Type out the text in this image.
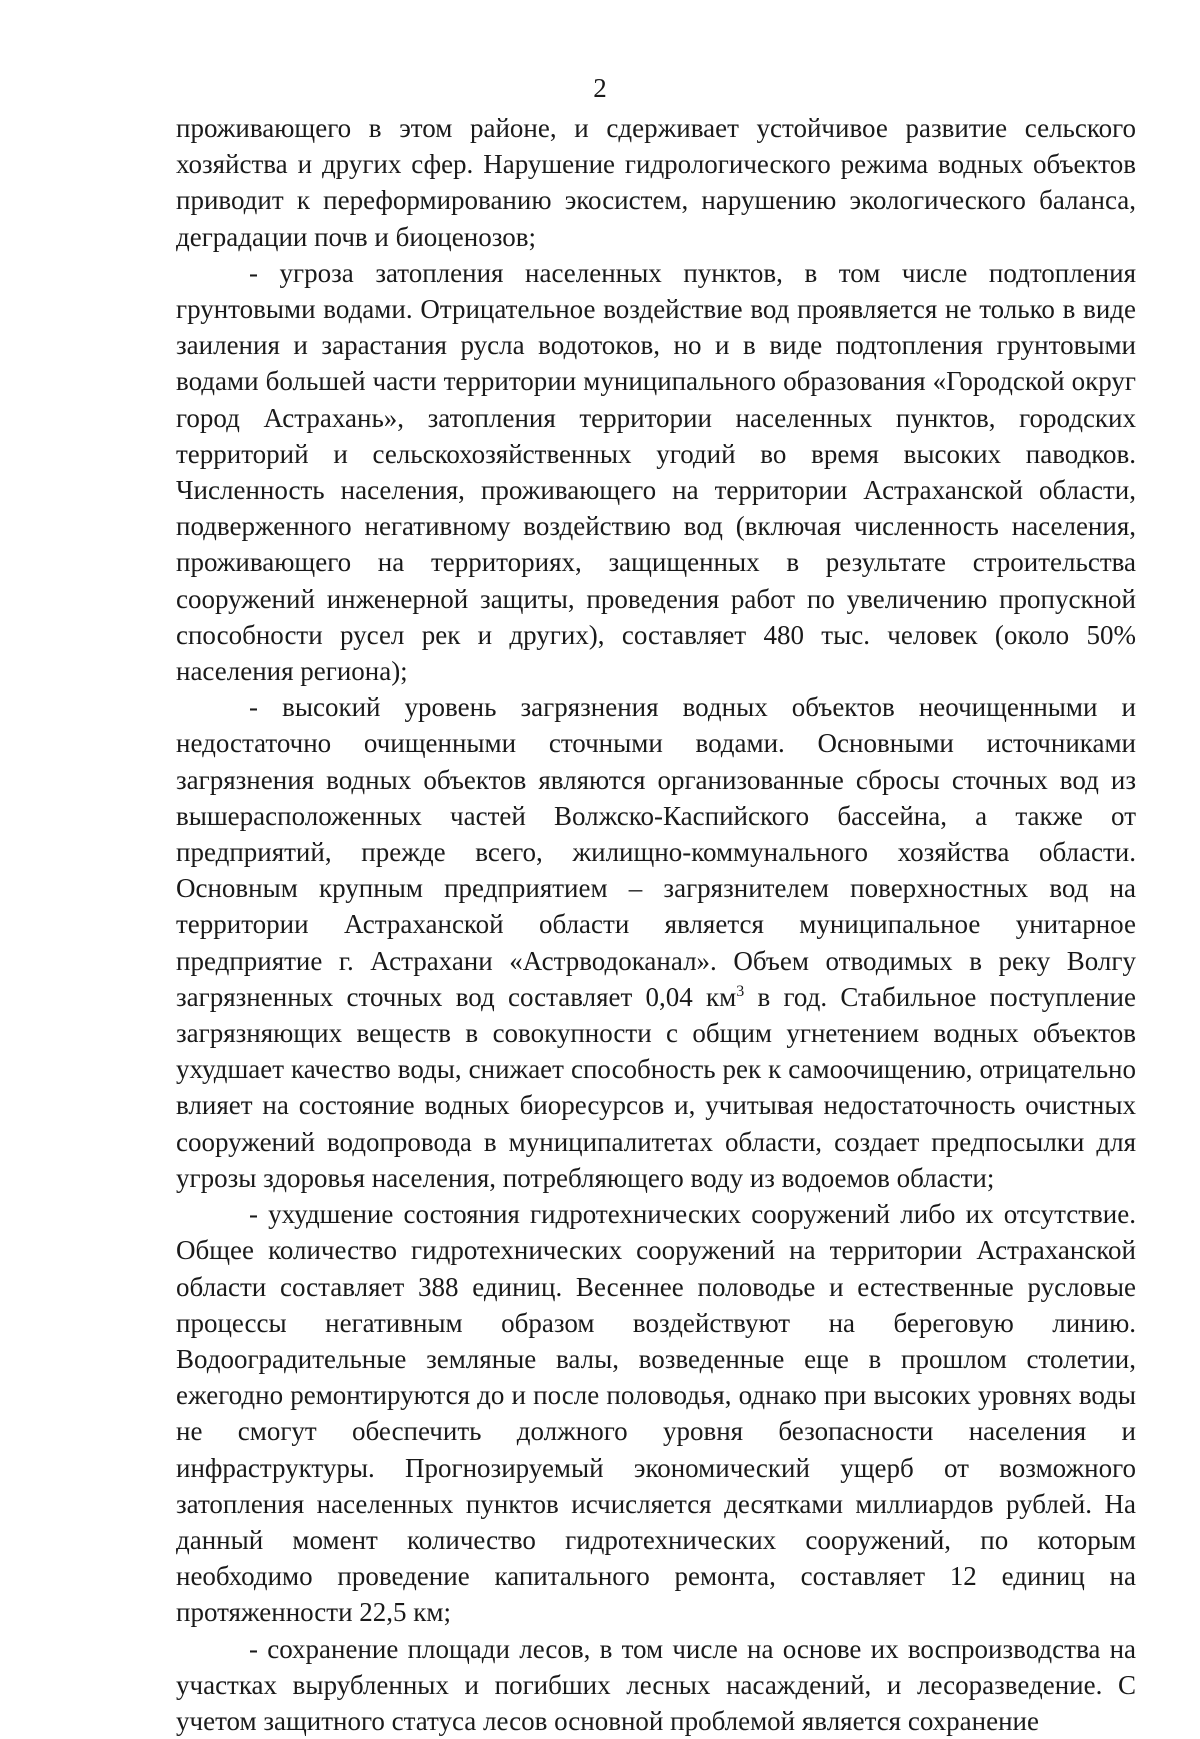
2

проживающего в этом районе, и сдерживает устойчивое развитие сельского хозяйства и других сфер. Нарушение гидрологического режима водных объектов приводит к переформированию экосистем, нарушению экологического баланса, деградации почв и биоценозов;

- угроза затопления населенных пунктов, в том числе подтопления грунтовыми водами. Отрицательное воздействие вод проявляется не только в виде заиления и зарастания русла водотоков, но и в виде подтопления грунтовыми водами большей части территории муниципального образования «Городской округ город Астрахань», затопления территории населенных пунктов, городских территорий и сельскохозяйственных угодий во время высоких паводков. Численность населения, проживающего на территории Астраханской области, подверженного негативному воздействию вод (включая численность населения, проживающего на территориях, защищенных в результате строительства сооружений инженерной защиты, проведения работ по увеличению пропускной способности русел рек и других), составляет 480 тыс. человек (около 50% населения региона);

- высокий уровень загрязнения водных объектов неочищенными и недостаточно очищенными сточными водами. Основными источниками загрязнения водных объектов являются организованные сбросы сточных вод из вышерасположенных частей Волжско-Каспийского бассейна, а также от предприятий, прежде всего, жилищно-коммунального хозяйства области. Основным крупным предприятием – загрязнителем поверхностных вод на территории Астраханской области является муниципальное унитарное предприятие г. Астрахани «Астрводоканал». Объем отводимых в реку Волгу загрязненных сточных вод составляет 0,04 $км^3$ в год. Стабильное поступление загрязняющих веществ в совокупности с общим угнетением водных объектов ухудшает качество воды, снижает способность рек к самоочищению, отрицательно влияет на состояние водных биоресурсов и, учитывая недостаточность очистных сооружений водопровода в муниципалитетах области, создает предпосылки для угрозы здоровья населения, потребляющего воду из водоемов области;

- ухудшение состояния гидротехнических сооружений либо их отсутствие. Общее количество гидротехнических сооружений на территории Астраханской области составляет 388 единиц. Весеннее половодье и естественные русловые процессы негативным образом воздействуют на береговую линию. Водооградительные земляные валы, возведенные еще в прошлом столетии, ежегодно ремонтируются до и после половодья, однако при высоких уровнях воды не смогут обеспечить должного уровня безопасности населения и инфраструктуры. Прогнозируемый экономический ущерб от возможного затопления населенных пунктов исчисляется десятками миллиардов рублей. На данный момент количество гидротехнических сооружений, по которым необходимо проведение капитального ремонта, составляет 12 единиц на протяженности 22,5 км;

- сохранение площади лесов, в том числе на основе их воспроизводства на участках вырубленных и погибших лесных насаждений, и лесоразведение. С учетом защитного статуса лесов основной проблемой является сохранение
